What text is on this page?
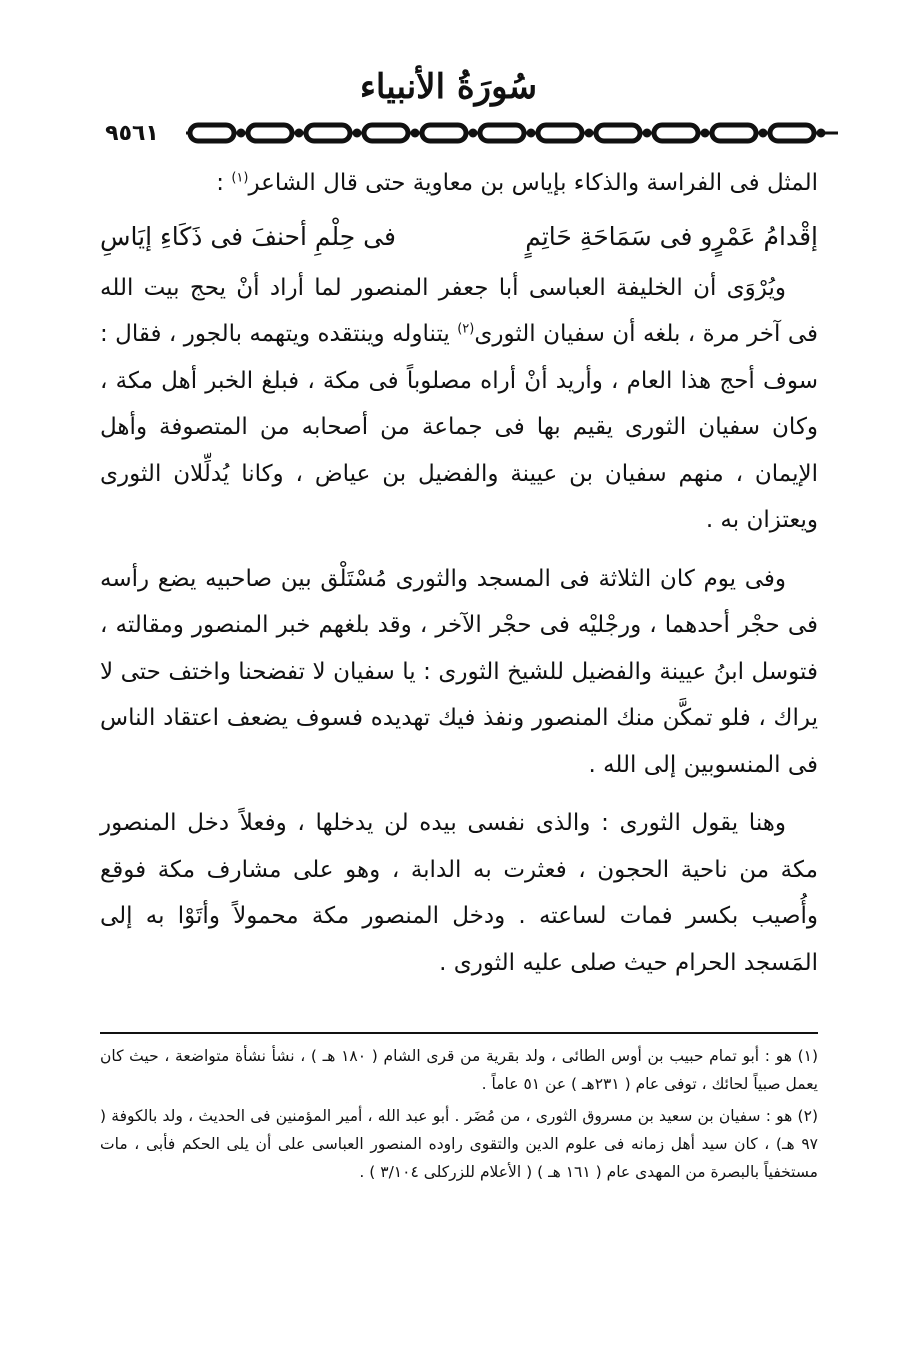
سُورَةُ الأنبياء
٩٥٦١

المثل فى الفراسة والذكاء بإياس بن معاوية حتى قال الشاعر$^{(١)}$ :

إقْدامُ عَمْرٍو فى سَمَاحَةِ حَاتِمٍ
فى حِلْمِ أحنفَ فى ذَكَاءِ إيَاسِ

ويُرْوَى أن الخليفة العباسى أبا جعفر المنصور لما أراد أنْ يحج بيت الله فى آخر مرة ، بلغه أن سفيان الثورى$^{(٢)}$ يتناوله وينتقده ويتهمه بالجور ، فقال : سوف أحج هذا العام ، وأريد أنْ أراه مصلوباً فى مكة ، فبلغ الخبر أهل مكة ، وكان سفيان الثورى يقيم بها فى جماعة من أصحابه من المتصوفة وأهل الإيمان ، منهم سفيان بن عيينة والفضيل بن عياض ، وكانا يُدلِّلان الثورى ويعتزان به .

وفى يوم كان الثلاثة فى المسجد والثورى مُسْتَلْق بين صاحبيه يضع رأسه فى حجْر أحدهما ، ورجْليْه فى حجْر الآخر ، وقد بلغهم خبر المنصور ومقالته ، فتوسل ابنُ عيينة والفضيل للشيخ الثورى : يا سفيان لا تفضحنا واختف حتى لا يراك ، فلو تمكَّن منك المنصور ونفذ فيك تهديده فسوف يضعف اعتقاد الناس فى المنسوبين إلى الله .

وهنا يقول الثورى : والذى نفسى بيده لن يدخلها ، وفعلاً دخل المنصور مكة من ناحية الحجون ، فعثرت به الدابة ، وهو على مشارف مكة فوقع وأُصيب بكسر فمات لساعته . ودخل المنصور مكة محمولاً وأتَوْا به إلى المَسجد الحرام حيث صلى عليه الثورى .

(١) هو : أبو تمام حبيب بن أوس الطائى ، ولد بقرية من قرى الشام ( ١٨٠ هـ ) ، نشأ نشأة متواضعة ، حيث كان يعمل صبياً لحائك ، توفى عام ( ٢٣١هـ ) عن ٥١ عاماً .

(٢) هو : سفيان بن سعيد بن مسروق الثورى ، من مُضَر . أبو عبد الله ، أمير المؤمنين فى الحديث ، ولد بالكوفة ( ٩٧ هـ) ، كان سيد أهل زمانه فى علوم الدين والتقوى راوده المنصور العباسى على أن يلى الحكم فأبى ، مات مستخفياً بالبصرة من المهدى عام ( ١٦١ هـ ) ( الأعلام للزركلى ٣/١٠٤ ) .
